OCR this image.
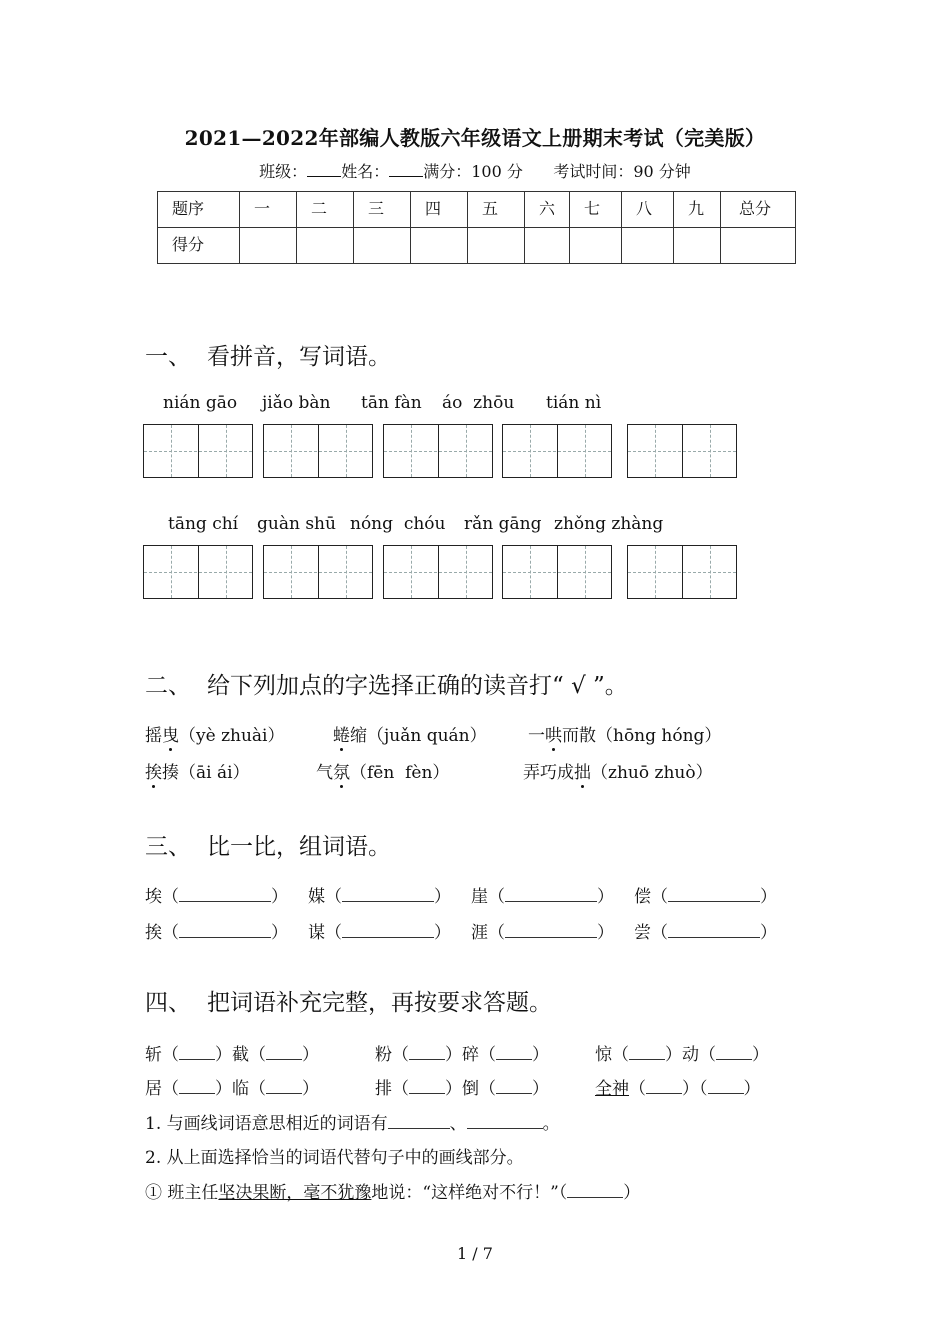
2021—2022年部编人教版六年级语文上册期末考试（完美版）
班级： 姓名： 满分：100 分 考试时间：90 分钟
题序	一	二	三	四	五	六	七	八	九	总分
得分										
一、 看拼音，写词语。
nián gāo jiǎo bàn tān fàn áo  zhōu tián nì
tāng chí guàn shū nóng  chóu rǎn gāng zhǒng zhàng
二、 给下列加点的字选择正确的读音打“ √ ”。
摇曳（yè zhuài）	蜷缩（juǎn quán） 一哄而散（hōng hóng）
挨揍（āi ái）	气氛（fēn  fèn）	弄巧成拙（zhuō zhuò）
三、 比一比，组词语。
埃（	） 媒（	） 崖（	） 偿（	）
挨（	） 谋（	） 涯（	） 尝（	）
四、 把词语补充完整，再按要求答题。
斩（ ）截（ ）	粉（ ）碎（ ）	惊（ ）动（ ）
居（ ）临（ ）	排（ ）倒（ ）	全神（ ）（ ）
1. 与画线词语意思相近的词语有	、	。
2. 从上面选择恰当的词语代替句子中的画线部分。
① 班主任坚决果断，毫不犹豫地说：“这样绝对不行！”（	）
1 / 7
